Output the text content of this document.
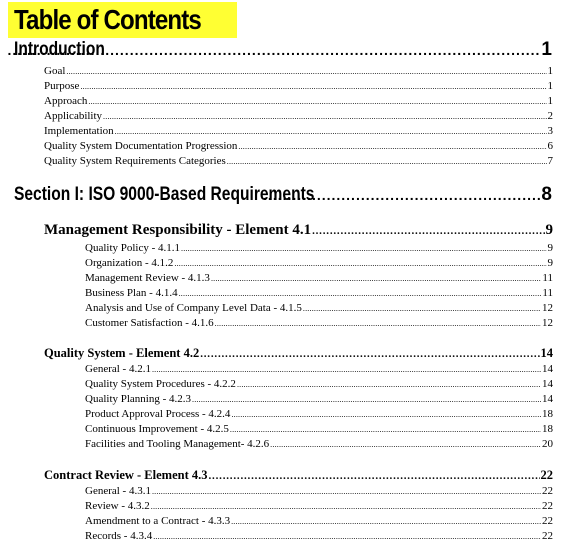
Table of Contents
Introduction .....	1
Goal .....	1
Purpose .....	1
Approach .....	1
Applicability .....	2
Implementation .....	3
Quality System Documentation Progression .....	6
Quality System Requirements Categories .....	7
Section I: ISO 9000-Based Requirements .....	8
Management Responsibility - Element 4.1 .....	9
Quality Policy - 4.1.1 .....	9
Organization - 4.1.2 .....	9
Management Review - 4.1.3 .....	11
Business Plan - 4.1.4 .....	11
Analysis and Use of Company Level Data - 4.1.5 .....	12
Customer Satisfaction - 4.1.6 .....	12
Quality System - Element 4.2 .....	14
General - 4.2.1 .....	14
Quality System Procedures - 4.2.2 .....	14
Quality Planning - 4.2.3 .....	14
Product Approval Process - 4.2.4 .....	18
Continuous Improvement - 4.2.5 .....	18
Facilities and Tooling Management- 4.2.6 .....	20
Contract Review - Element 4.3 .....	22
General - 4.3.1 .....	22
Review - 4.3.2 .....	22
Amendment to a Contract - 4.3.3 .....	22
Records - 4.3.4 .....	22
